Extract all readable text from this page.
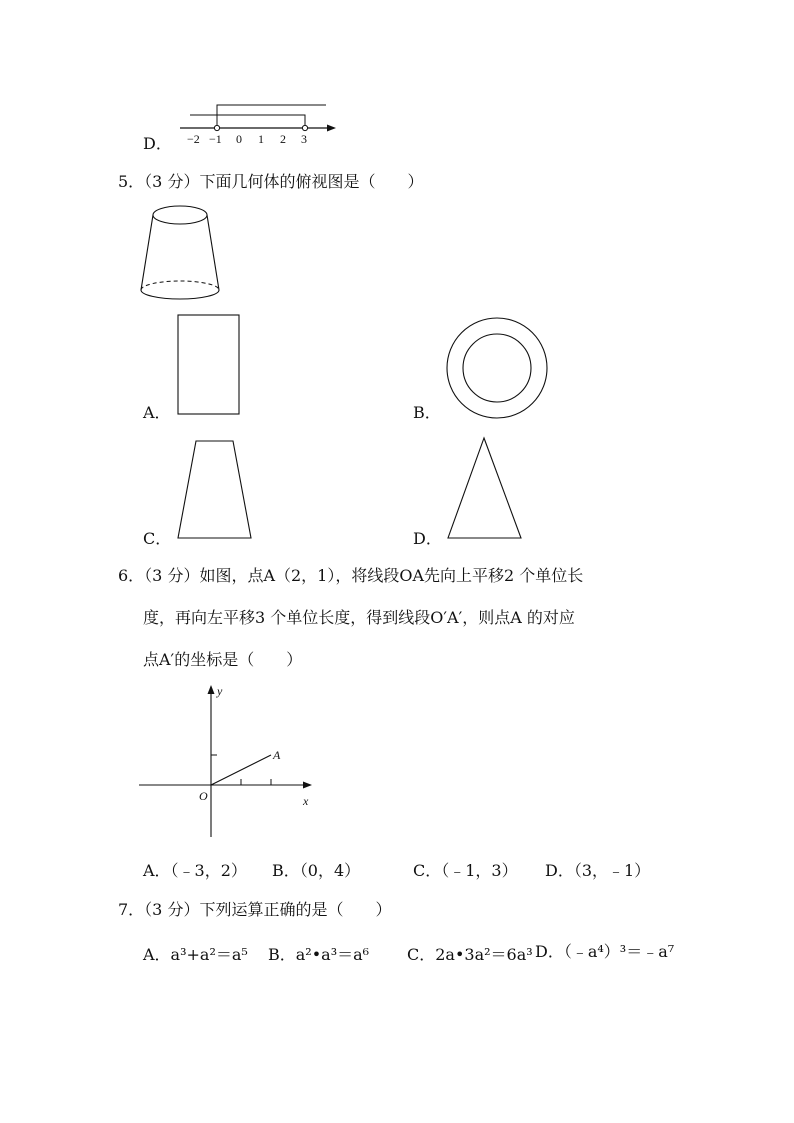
D． −2 −1 0 1 2 3
5．（3 分）下面几何体的俯视图是（　　）
A．	B．
C．	D．
6．（3 分）如图，点A（2，1），将线段OA先向上平移2 个单位长
度，再向左平移3 个单位长度，得到线段O′A′，则点A 的对应
点A′的坐标是（　　）
y
x
O
A
A．（﹣3，2） B．（0，4）	C．（﹣1，3） D．（3，﹣1）
7．（3 分）下列运算正确的是（　　）
A．a³+a²＝a⁵ B．a²•a³＝a⁶ C．2a•3a²＝6a³ D．（﹣a⁴）³＝﹣a⁷
